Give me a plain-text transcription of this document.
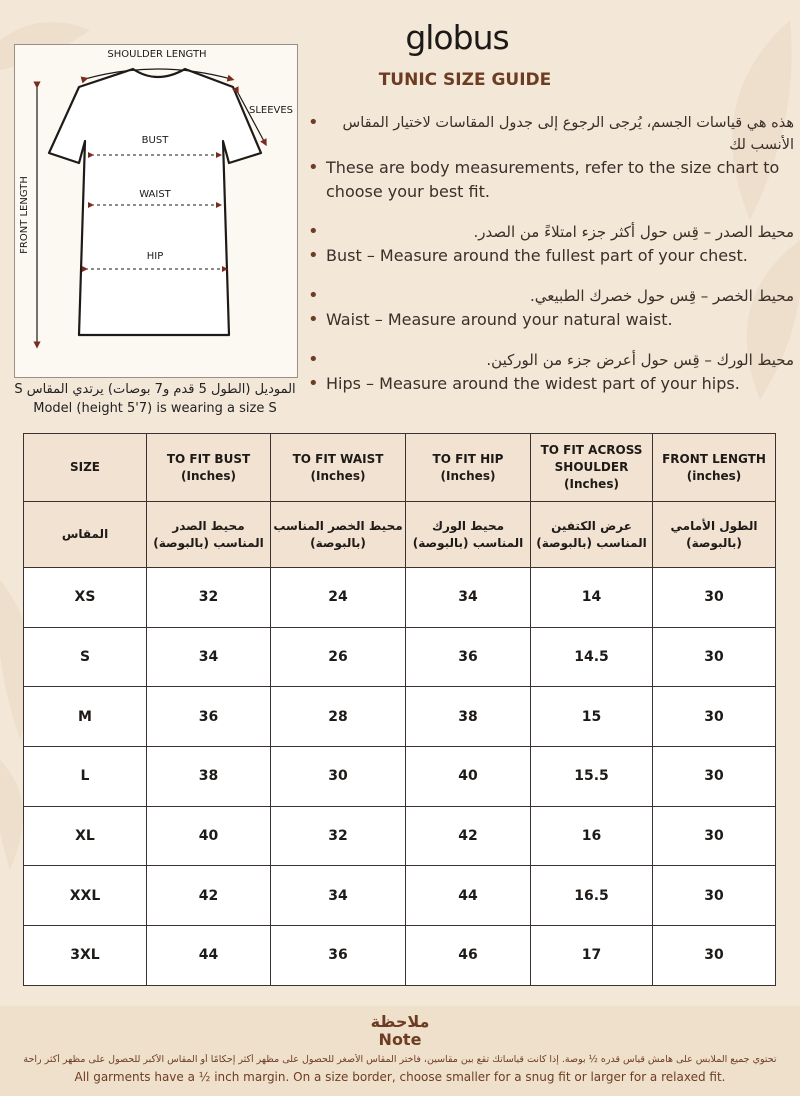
SHOULDER LENGTH
SLEEVES
BUST
WAIST
HIP
FRONT LENGTH
الموديل (الطول 5 قدم و7 بوصات) يرتدي المقاس S
Model (height 5'7) is wearing a size S
globus
TUNIC SIZE GUIDE
• هذه هي قياسات الجسم، يُرجى الرجوع إلى جدول المقاسات لاختيار المقاس الأنسب لك
• These are body measurements, refer to the size chart to choose your best fit.
•	محيط الصدر – قِس حول أكثر جزء امتلاءً من الصدر.
• Bust – Measure around the fullest part of your chest.
•	محيط الخصر – قِس حول خصرك الطبيعي.
• Waist – Measure around your natural waist.
•	محيط الورك – قِس حول أعرض جزء من الوركين.
• Hips – Measure around the widest part of your hips.
SIZE	TO FIT BUST (Inches)	TO FIT WAIST (Inches)	TO FIT HIP (Inches)	TO FIT ACROSS SHOULDER (Inches)	FRONT LENGTH (inches)
المقاس	محيط الصدر المناسب (بالبوصة)	محيط الخصر المناسب (بالبوصة)	محيط الورك المناسب (بالبوصة)	عرض الكتفين المناسب (بالبوصة)	الطول الأمامي (بالبوصة)
XS	32	24	34	14	30
S	34	26	36	14.5	30
M	36	28	38	15	30
L	38	30	40	15.5	30
XL	40	32	42	16	30
XXL	42	34	44	16.5	30
3XL	44	36	46	17	30
ملاحظة
Note
تحتوي جميع الملابس على هامش قياس قدره ½ بوصة. إذا كانت قياساتك تقع بين مقاسين، فاختر المقاس الأصغر للحصول على مظهر أكثر إحكامًا أو المقاس الأكبر للحصول على مظهر أكثر راحة
All garments have a ½ inch margin. On a size border, choose smaller for a snug fit or larger for a relaxed fit.
